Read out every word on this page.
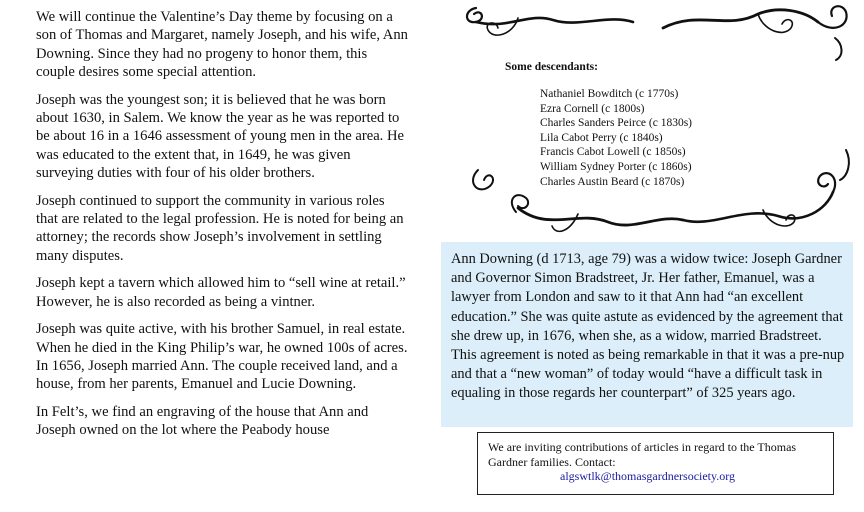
We will continue the Valentine’s Day theme by focusing on a son of Thomas and Margaret, namely Joseph, and his wife, Ann Downing. Since they had no progeny to honor them, this couple desires some special attention.

Joseph was the youngest son; it is believed that he was born about 1630, in Salem. We know the year as he was reported to be about 16 in a 1646 assessment of young men in the area. He was educated to the extent that, in 1649, he was given surveying duties with four of his older brothers.

Joseph continued to support the community in various roles that are related to the legal profession. He is noted for being an attorney; the records show Joseph’s involvement in settling many disputes.

Joseph kept a tavern which allowed him to “sell wine at retail.” However, he is also recorded as being a vintner.

Joseph was quite active, with his brother Samuel, in real estate. When he died in the King Philip’s war, he owned 100s of acres. In 1656, Joseph married Ann. The couple received land, and a house, from her parents, Emanuel and Lucie Downing.

In Felt’s, we find an engraving of the house that Ann and Joseph owned on the lot where the Peabody house

Some descendants:
Nathaniel Bowditch (c 1770s)
Ezra Cornell (c 1800s)
Charles Sanders Peirce (c 1830s)
Lila Cabot Perry (c 1840s)
Francis Cabot Lowell (c 1850s)
William Sydney Porter (c 1860s)
Charles Austin Beard (c 1870s)
Ann Downing (d 1713, age 79) was a widow twice: Joseph Gardner and Governor Simon Bradstreet, Jr. Her father, Emanuel, was a lawyer from London and saw to it that Ann had “an excellent education.” She was quite astute as evidenced by the agreement that she drew up, in 1676, when she, as a widow, married Bradstreet. This agreement is noted as being remarkable in that it was a pre-nup and that a “new woman” of today would “have a difficult task in equaling in those regards her counterpart” of 325 years ago.
We are inviting contributions of articles in regard to the Thomas Gardner families. Contact:
algswtlk@thomasgardnersociety.org
